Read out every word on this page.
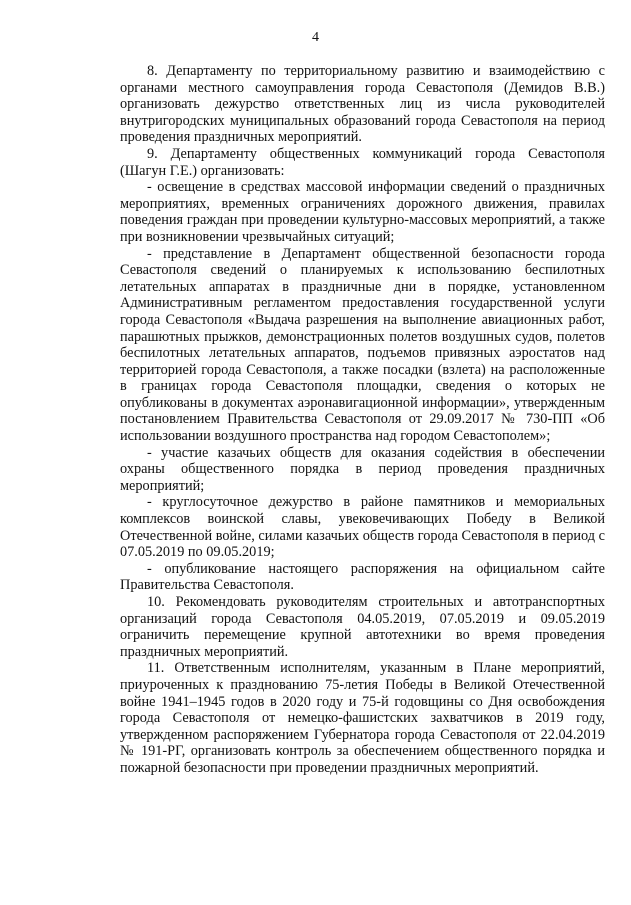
4

8. Департаменту по территориальному развитию и взаимодействию с органами местного самоуправления города Севастополя (Демидов В.В.) организовать дежурство ответственных лиц из числа руководителей внутригородских муниципальных образований города Севастополя на период проведения праздничных мероприятий.

9. Департаменту общественных коммуникаций города Севастополя (Шагун Г.Е.) организовать:

- освещение в средствах массовой информации сведений о праздничных мероприятиях, временных ограничениях дорожного движения, правилах поведения граждан при проведении культурно-массовых мероприятий, а также при возникновении чрезвычайных ситуаций;

- представление в Департамент общественной безопасности города Севастополя сведений о планируемых к использованию беспилотных летательных аппаратах в праздничные дни в порядке, установленном Административным регламентом предоставления государственной услуги города Севастополя «Выдача разрешения на выполнение авиационных работ, парашютных прыжков, демонстрационных полетов воздушных судов, полетов беспилотных летательных аппаратов, подъемов привязных аэростатов над территорией города Севастополя, а также посадки (взлета) на расположенные в границах города Севастополя площадки, сведения о которых не опубликованы в документах аэронавигационной информации», утвержденным постановлением Правительства Севастополя от 29.09.2017 № 730-ПП «Об использовании воздушного пространства над городом Севастополем»;

- участие казачьих обществ для оказания содействия в обеспечении охраны общественного порядка в период проведения праздничных мероприятий;

- круглосуточное дежурство в районе памятников и мемориальных комплексов воинской славы, увековечивающих Победу в Великой Отечественной войне, силами казачьих обществ города Севастополя в период с 07.05.2019 по 09.05.2019;

- опубликование настоящего распоряжения на официальном сайте Правительства Севастополя.

10. Рекомендовать руководителям строительных и автотранспортных организаций города Севастополя 04.05.2019, 07.05.2019 и 09.05.2019 ограничить перемещение крупной автотехники во время проведения праздничных мероприятий.

11. Ответственным исполнителям, указанным в Плане мероприятий, приуроченных к празднованию 75-летия Победы в Великой Отечественной войне 1941–1945 годов в 2020 году и 75-й годовщины со Дня освобождения города Севастополя от немецко-фашистских захватчиков в 2019 году, утвержденном распоряжением Губернатора города Севастополя от 22.04.2019 № 191-РГ, организовать контроль за обеспечением общественного порядка и пожарной безопасности при проведении праздничных мероприятий.
